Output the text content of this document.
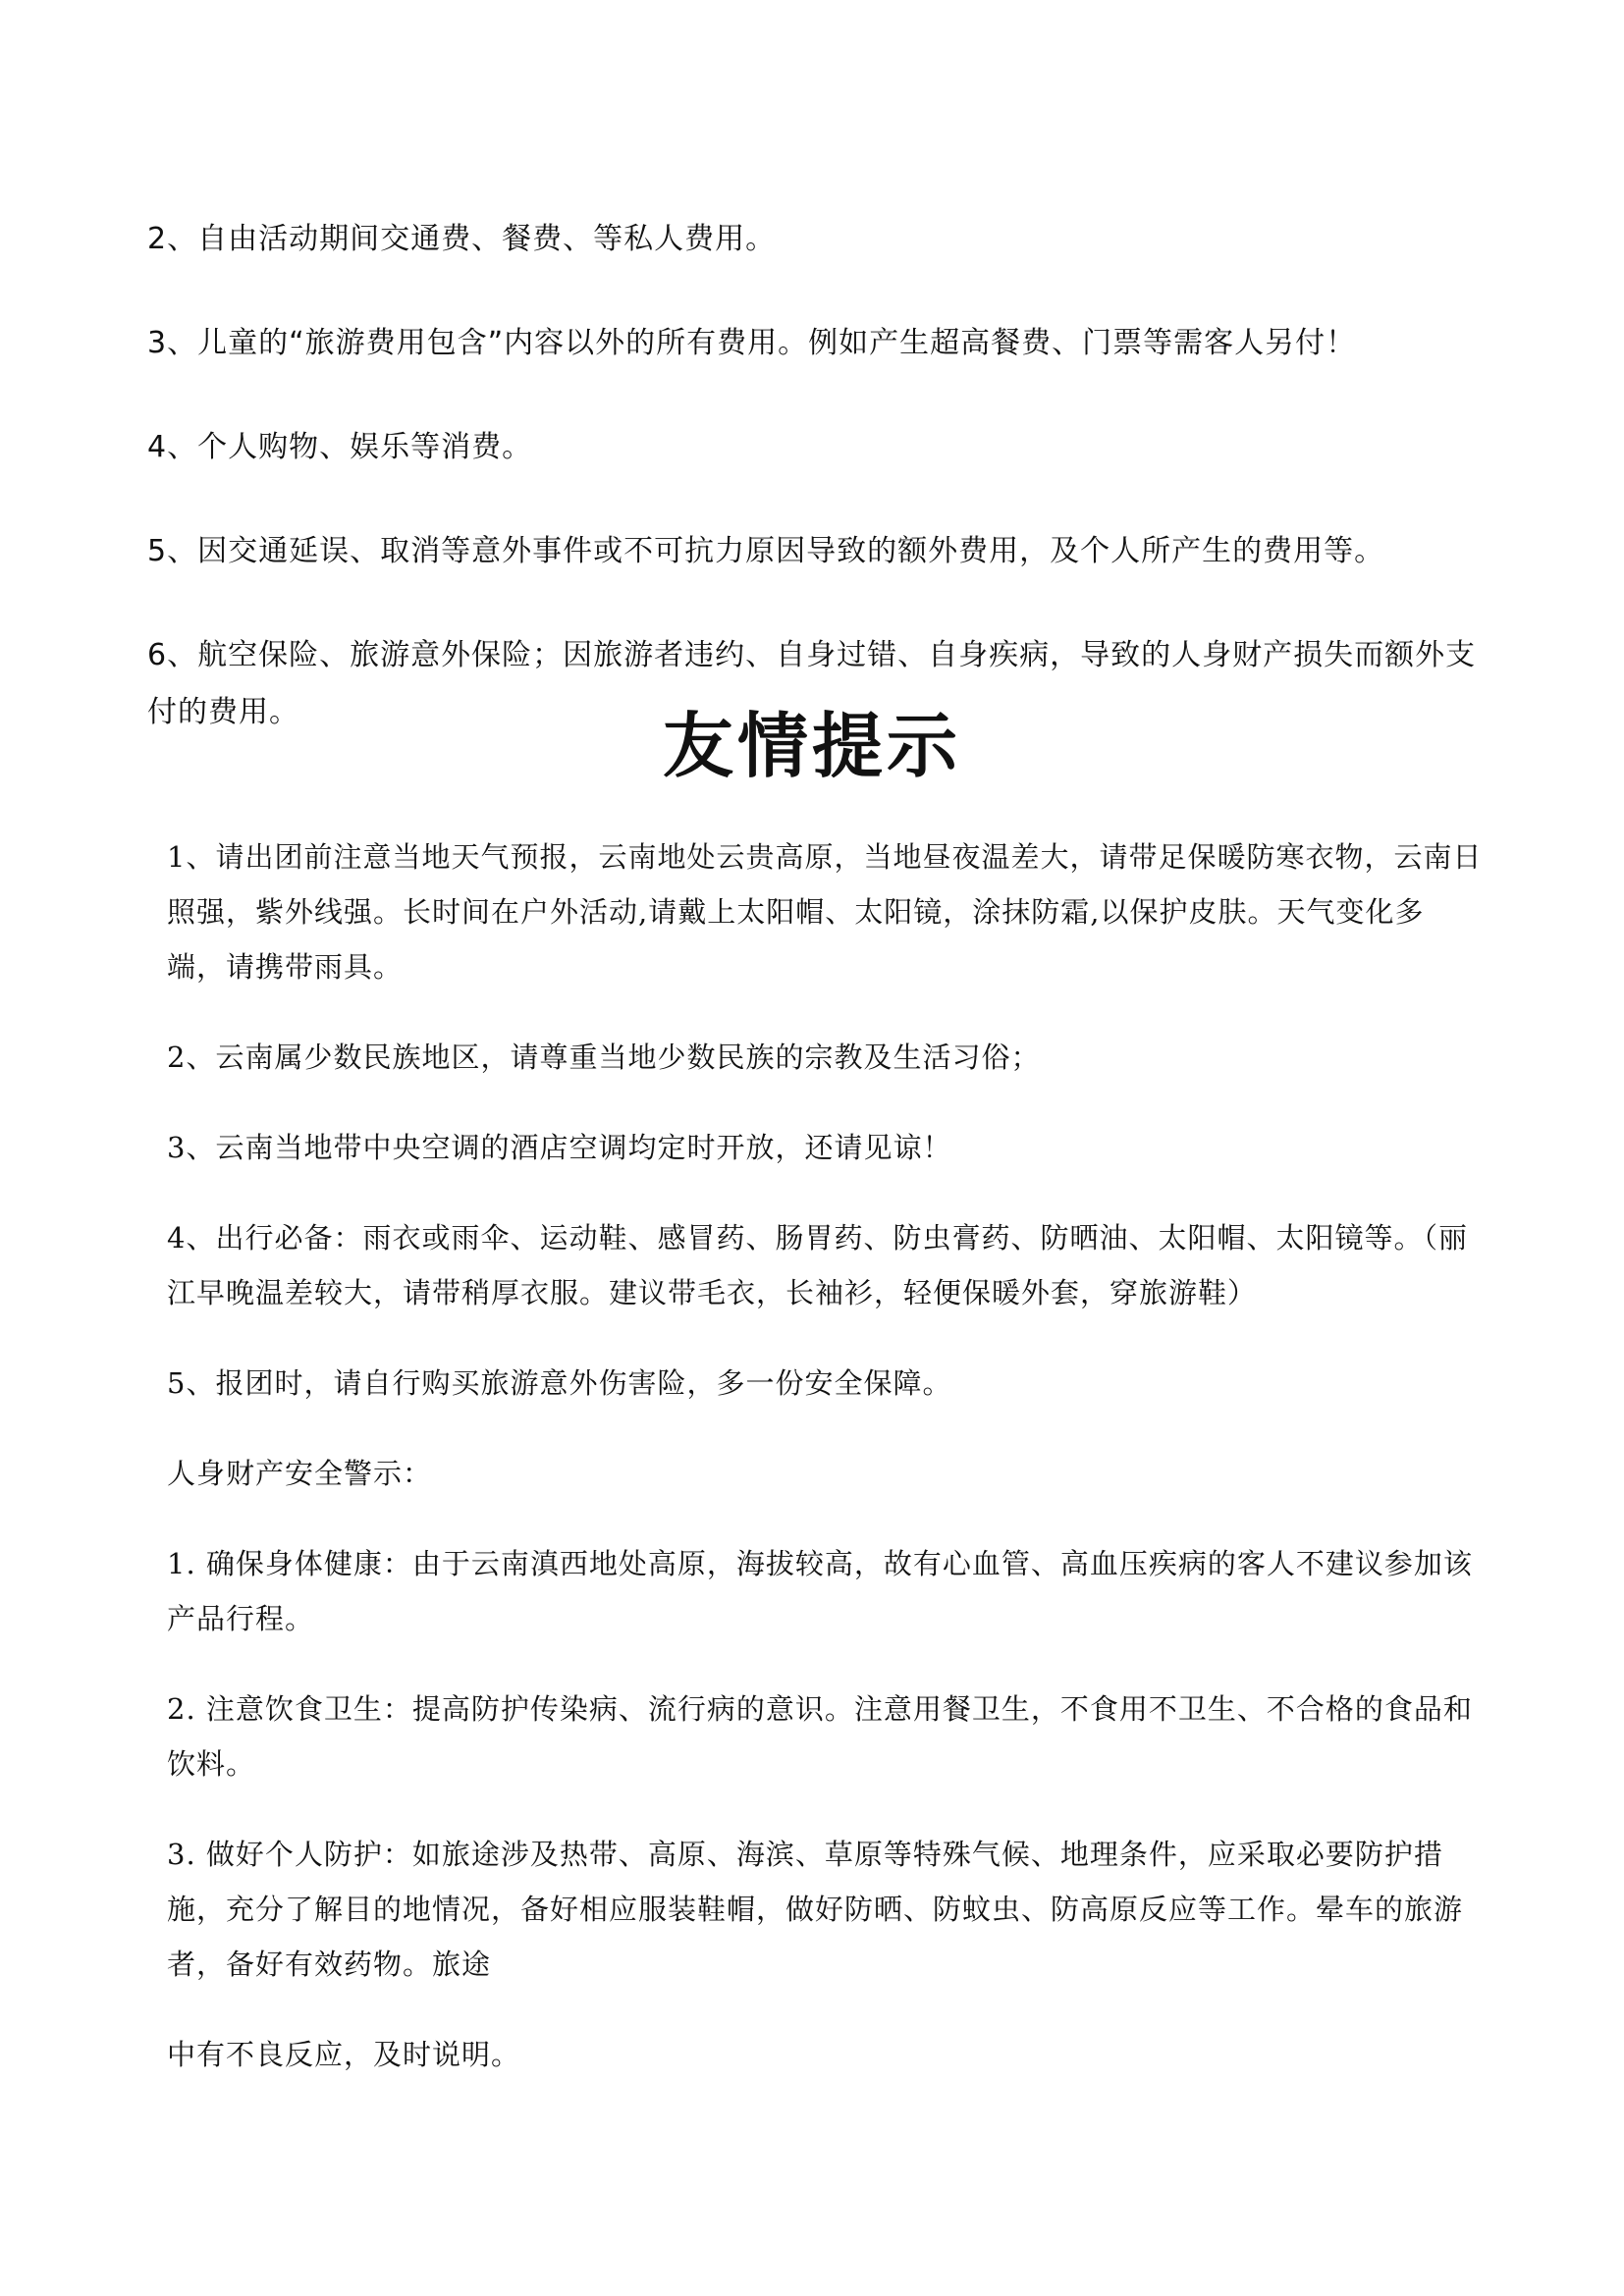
2、自由活动期间交通费、餐费、等私人费用。

3、儿童的“旅游费用包含”内容以外的所有费用。例如产生超高餐费、门票等需客人另付！

4、个人购物、娱乐等消费。

5、因交通延误、取消等意外事件或不可抗力原因导致的额外费用，及个人所产生的费用等。

6、航空保险、旅游意外保险；因旅游者违约、自身过错、自身疾病，导致的人身财产损失而额外支付的费用。	友情提示

1、请出团前注意当地天气预报，云南地处云贵高原，当地昼夜温差大，请带足保暖防寒衣物，云南日照强，紫外线强。长时间在户外活动,请戴上太阳帽、太阳镜，涂抹防霜,以保护皮肤。天气变化多端，请携带雨具。

2、云南属少数民族地区，请尊重当地少数民族的宗教及生活习俗；

3、云南当地带中央空调的酒店空调均定时开放，还请见谅！

4、出行必备：雨衣或雨伞、运动鞋、感冒药、肠胃药、防虫膏药、防晒油、太阳帽、太阳镜等。（丽江早晚温差较大，请带稍厚衣服。建议带毛衣，长袖衫，轻便保暖外套，穿旅游鞋）

5、报团时，请自行购买旅游意外伤害险，多一份安全保障。

人身财产安全警示：

1. 确保身体健康：由于云南滇西地处高原，海拔较高，故有心血管、高血压疾病的客人不建议参加该产品行程。

2. 注意饮食卫生：提高防护传染病、流行病的意识。注意用餐卫生，不食用不卫生、不合格的食品和饮料。

3. 做好个人防护：如旅途涉及热带、高原、海滨、草原等特殊气候、地理条件，应采取必要防护措施，充分了解目的地情况，备好相应服装鞋帽，做好防晒、防蚊虫、防高原反应等工作。晕车的旅游者，备好有效药物。旅途

中有不良反应，及时说明。
